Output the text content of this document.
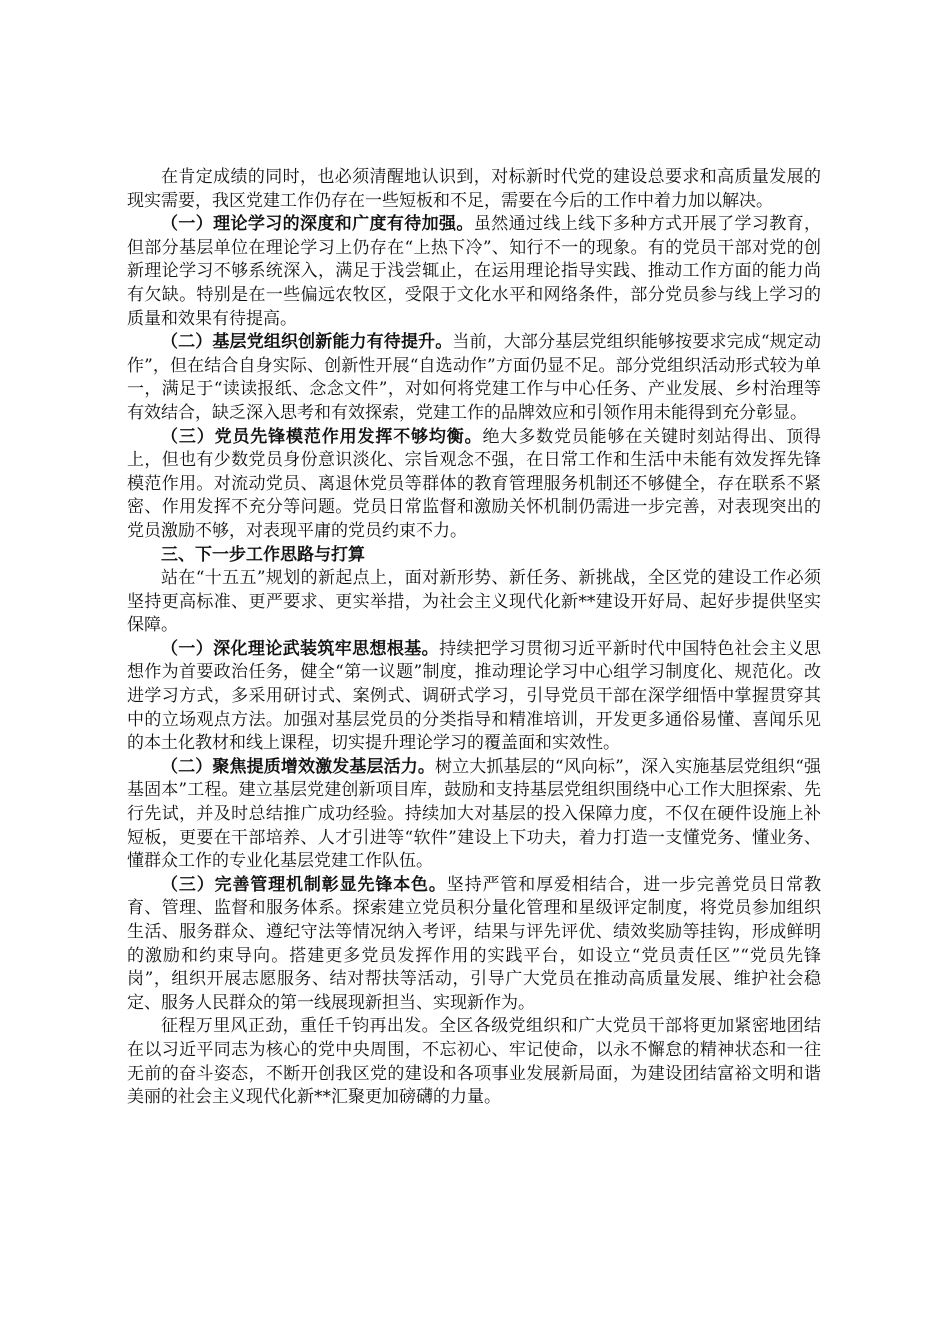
在肯定成绩的同时，也必须清醒地认识到，对标新时代党的建设总要求和高质量发展的现实需要，我区党建工作仍存在一些短板和不足，需要在今后的工作中着力加以解决。

（一）理论学习的深度和广度有待加强。虽然通过线上线下多种方式开展了学习教育，但部分基层单位在理论学习上仍存在“上热下冷”、知行不一的现象。有的党员干部对党的创新理论学习不够系统深入，满足于浅尝辄止，在运用理论指导实践、推动工作方面的能力尚有欠缺。特别是在一些偏远农牧区，受限于文化水平和网络条件，部分党员参与线上学习的质量和效果有待提高。

（二）基层党组织创新能力有待提升。当前，大部分基层党组织能够按要求完成“规定动作”，但在结合自身实际、创新性开展“自选动作”方面仍显不足。部分党组织活动形式较为单一，满足于“读读报纸、念念文件”，对如何将党建工作与中心任务、产业发展、乡村治理等有效结合，缺乏深入思考和有效探索，党建工作的品牌效应和引领作用未能得到充分彰显。

（三）党员先锋模范作用发挥不够均衡。绝大多数党员能够在关键时刻站得出、顶得上，但也有少数党员身份意识淡化、宗旨观念不强，在日常工作和生活中未能有效发挥先锋模范作用。对流动党员、离退休党员等群体的教育管理服务机制还不够健全，存在联系不紧密、作用发挥不充分等问题。党员日常监督和激励关怀机制仍需进一步完善，对表现突出的党员激励不够，对表现平庸的党员约束不力。

三、下一步工作思路与打算

站在“十五五”规划的新起点上，面对新形势、新任务、新挑战，全区党的建设工作必须坚持更高标准、更严要求、更实举措，为社会主义现代化新**建设开好局、起好步提供坚实保障。

（一）深化理论武装筑牢思想根基。持续把学习贯彻习近平新时代中国特色社会主义思想作为首要政治任务，健全“第一议题”制度，推动理论学习中心组学习制度化、规范化。改进学习方式，多采用研讨式、案例式、调研式学习，引导党员干部在深学细悟中掌握贯穿其中的立场观点方法。加强对基层党员的分类指导和精准培训，开发更多通俗易懂、喜闻乐见的本土化教材和线上课程，切实提升理论学习的覆盖面和实效性。

（二）聚焦提质增效激发基层活力。树立大抓基层的“风向标”，深入实施基层党组织“强基固本”工程。建立基层党建创新项目库，鼓励和支持基层党组织围绕中心工作大胆探索、先行先试，并及时总结推广成功经验。持续加大对基层的投入保障力度，不仅在硬件设施上补短板，更要在干部培养、人才引进等“软件”建设上下功夫，着力打造一支懂党务、懂业务、懂群众工作的专业化基层党建工作队伍。

（三）完善管理机制彰显先锋本色。坚持严管和厚爱相结合，进一步完善党员日常教育、管理、监督和服务体系。探索建立党员积分量化管理和星级评定制度，将党员参加组织生活、服务群众、遵纪守法等情况纳入考评，结果与评先评优、绩效奖励等挂钩，形成鲜明的激励和约束导向。搭建更多党员发挥作用的实践平台，如设立“党员责任区”“党员先锋岗”，组织开展志愿服务、结对帮扶等活动，引导广大党员在推动高质量发展、维护社会稳定、服务人民群众的第一线展现新担当、实现新作为。

征程万里风正劲，重任千钧再出发。全区各级党组织和广大党员干部将更加紧密地团结在以习近平同志为核心的党中央周围，不忘初心、牢记使命，以永不懈怠的精神状态和一往无前的奋斗姿态，不断开创我区党的建设和各项事业发展新局面，为建设团结富裕文明和谐美丽的社会主义现代化新**汇聚更加磅礴的力量。
